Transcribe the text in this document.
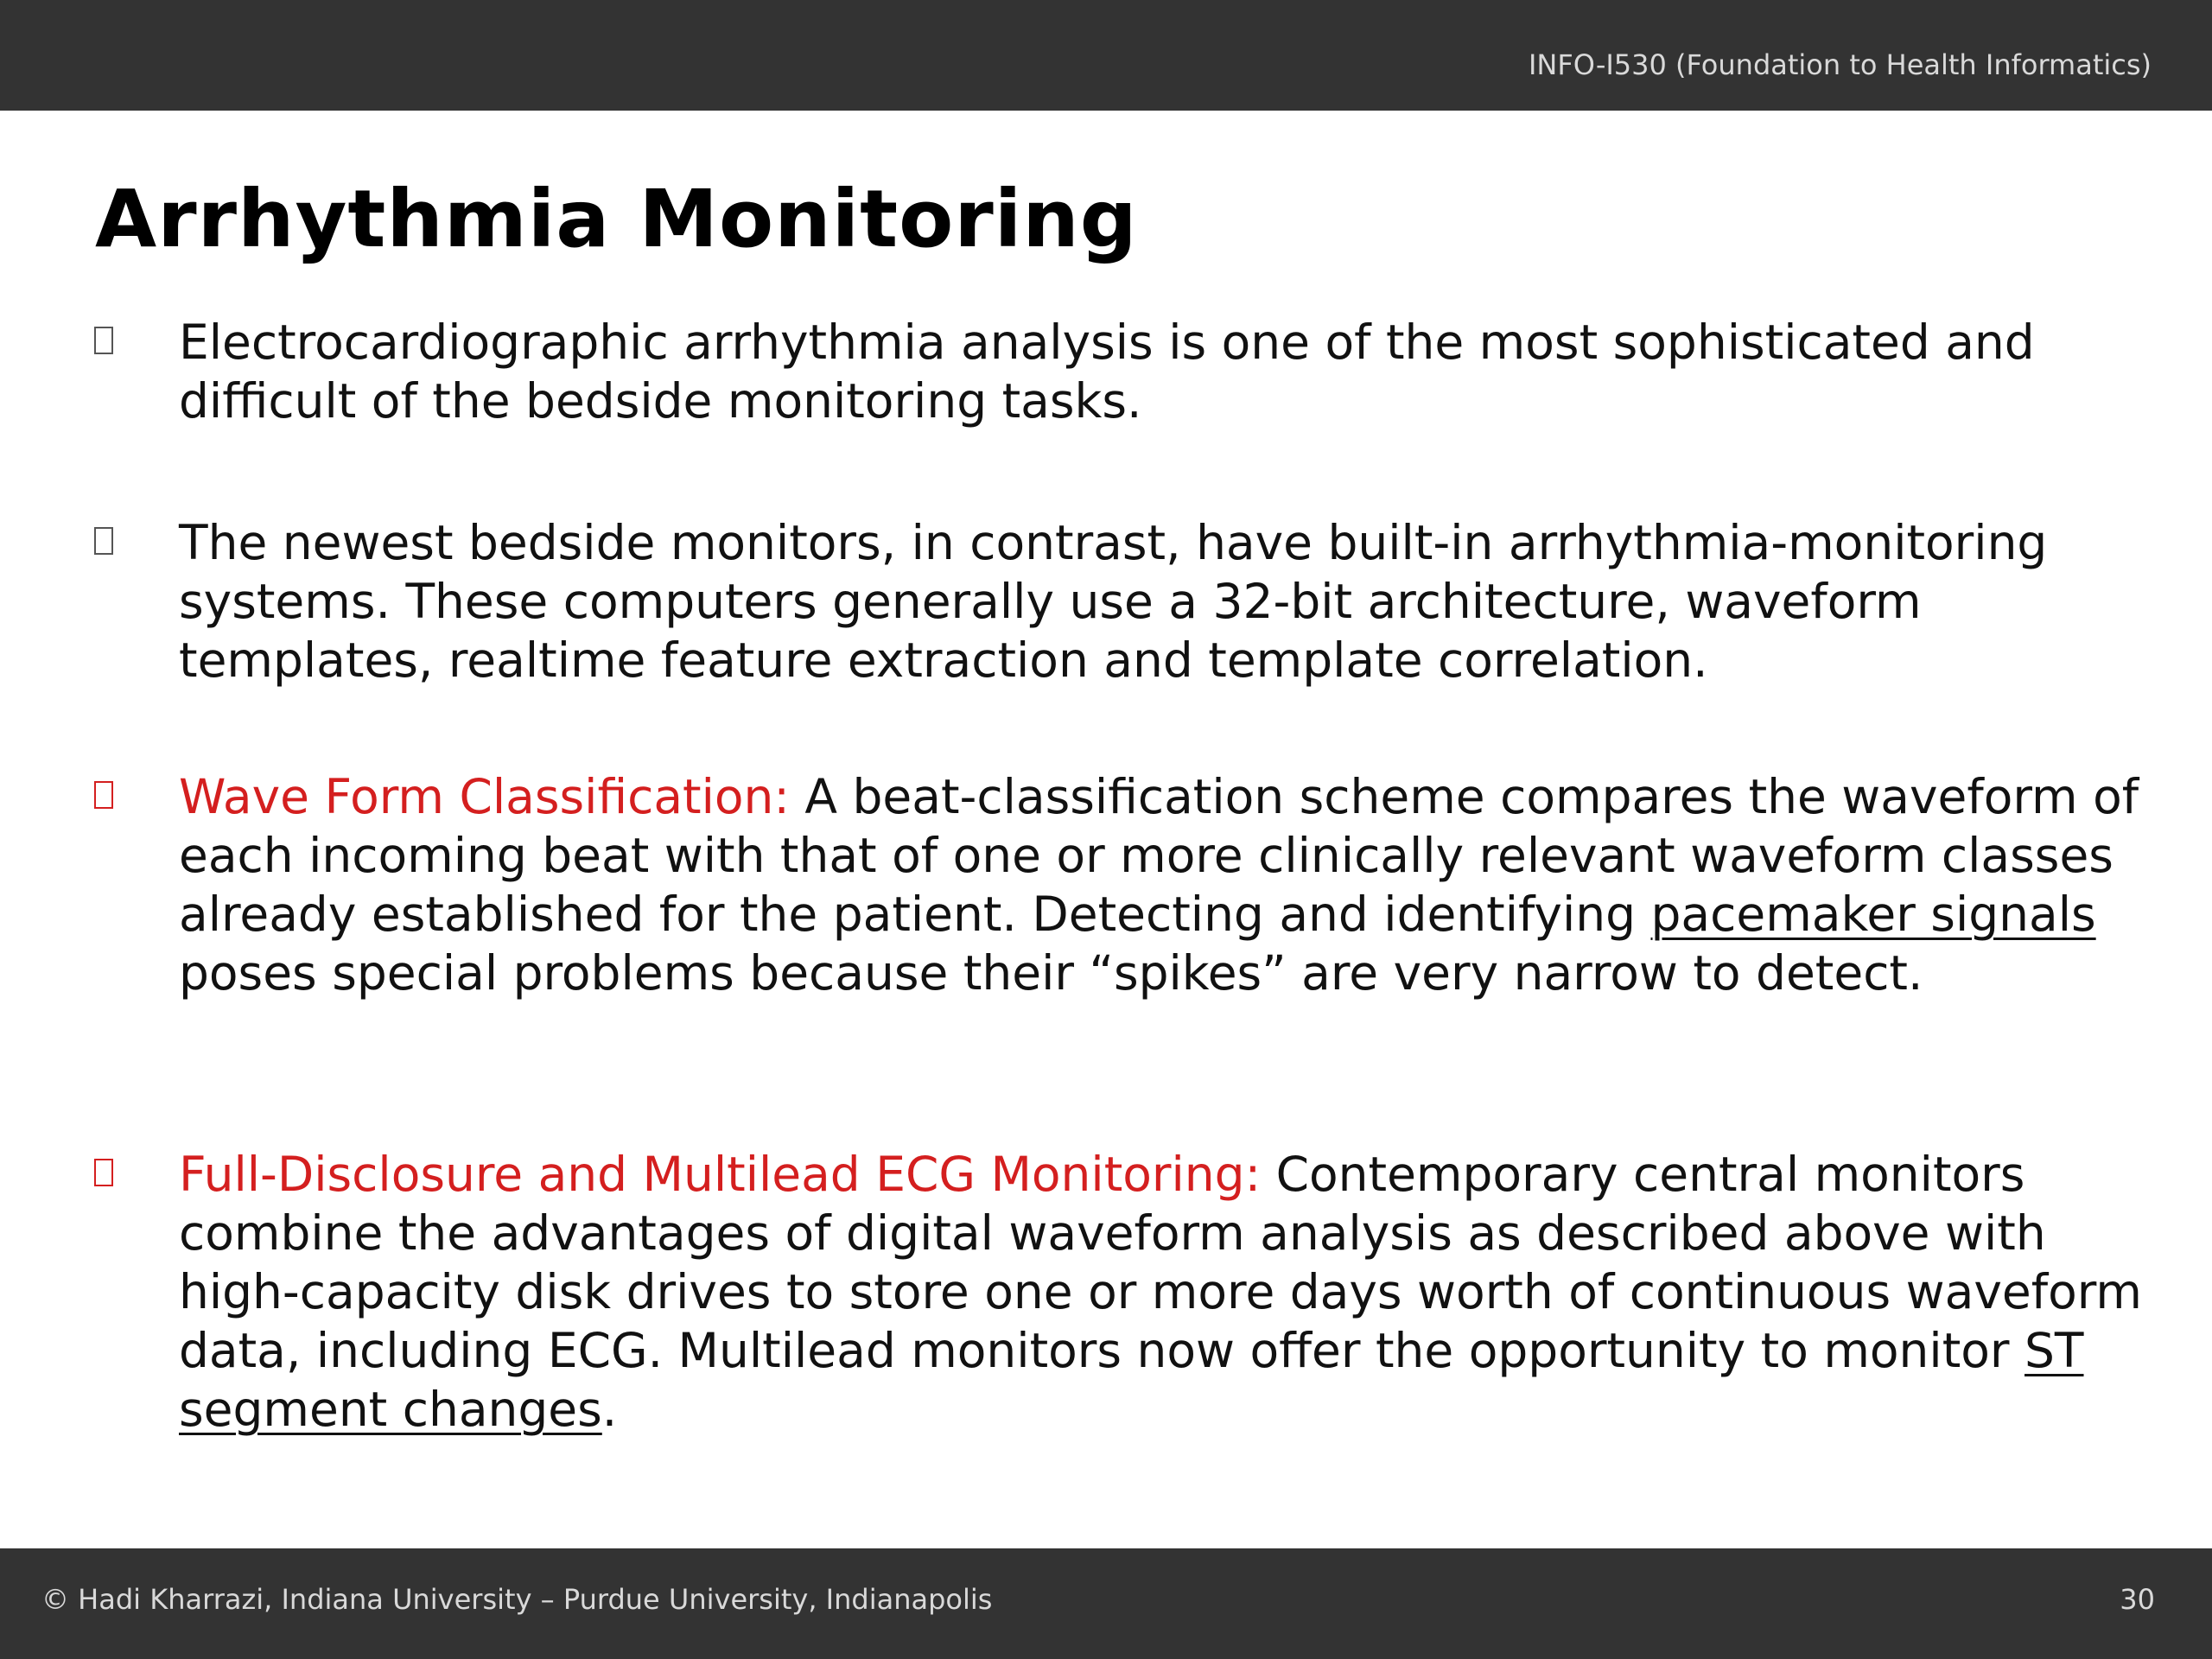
INFO-I530 (Foundation to Health Informatics)
Arrhythmia Monitoring
Electrocardiographic arrhythmia analysis is one of the most sophisticated and difficult of the bedside monitoring tasks.
The newest bedside monitors, in contrast, have built-in arrhythmia-monitoring systems. These computers generally use a 32-bit architecture, waveform templates, realtime feature extraction and template correlation.
Wave Form Classification: A beat-classification scheme compares the waveform of each incoming beat with that of one or more clinically relevant waveform classes already established for the patient. Detecting and identifying pacemaker signals poses special problems because their “spikes” are very narrow to detect.
Full-Disclosure and Multilead ECG Monitoring: Contemporary central monitors combine the advantages of digital waveform analysis as described above with high-capacity disk drives to store one or more days worth of continuous waveform data, including ECG. Multilead monitors now offer the opportunity to monitor ST segment changes.
© Hadi Kharrazi, Indiana University – Purdue University, Indianapolis	30
